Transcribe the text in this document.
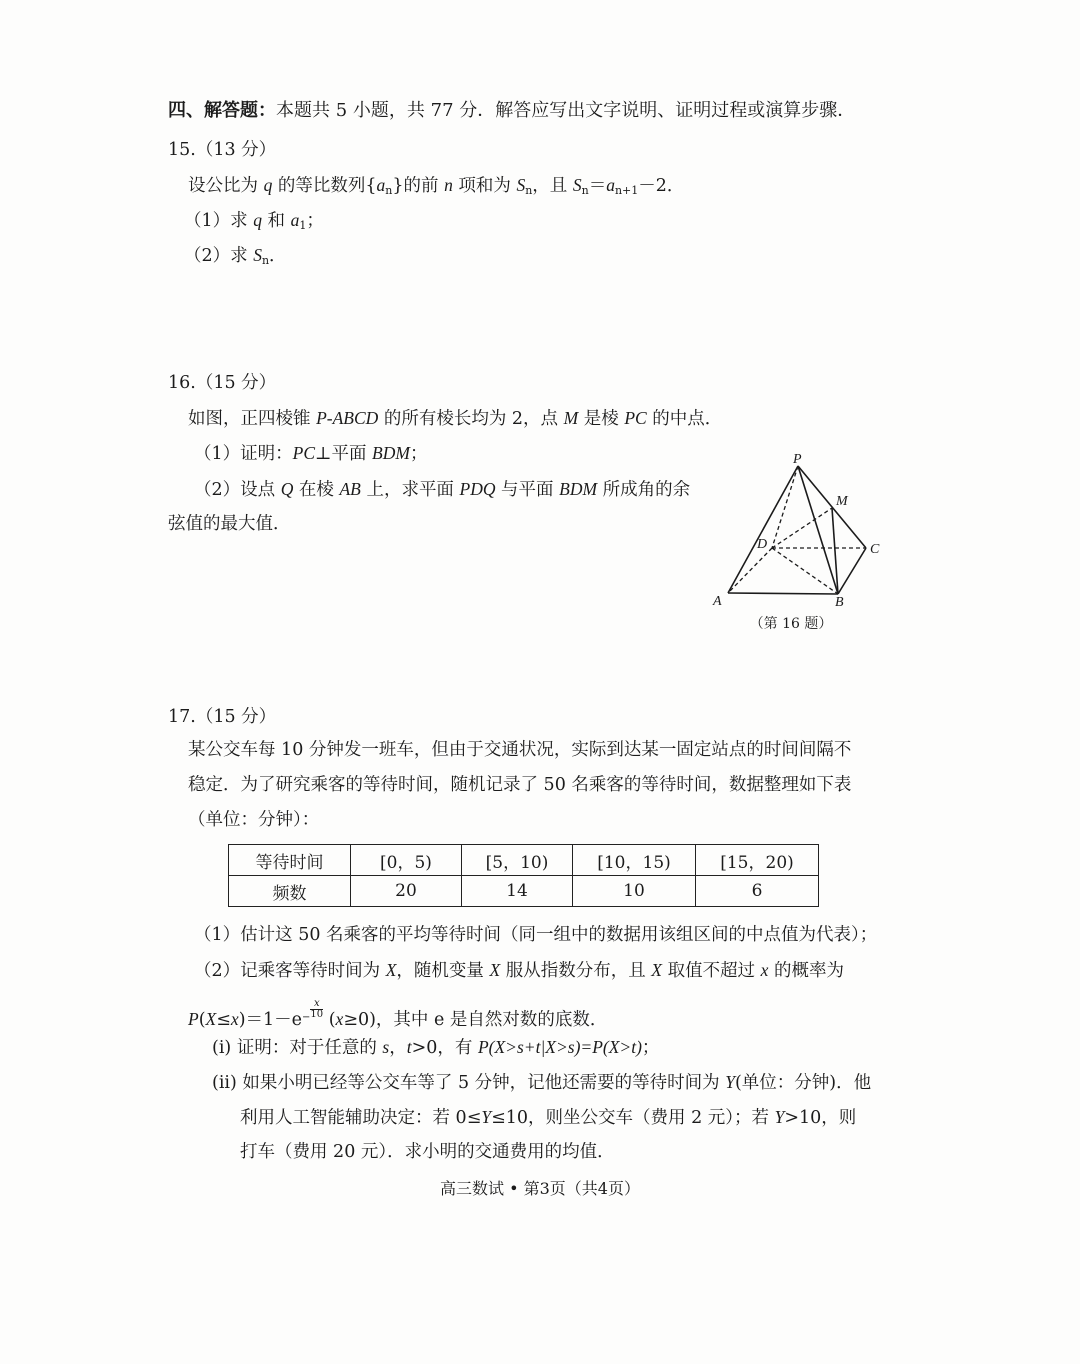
四、解答题：本题共 5 小题，共 77 分．解答应写出文字说明、证明过程或演算步骤．
15.（13 分）
设公比为 q 的等比数列$\{a_n\}$的前 n 项和为 $S_n$，且 $S_n=a_{n+1}-2$．
（1）求 q 和 $a_1$；
（2）求 $S_n$．
16.（15 分）
如图，正四棱锥 P-ABCD 的所有棱长均为 2，点 M 是棱 PC 的中点．
（1）证明：PC⊥平面 BDM；
（2）设点 Q 在棱 AB 上，求平面 PDQ 与平面 BDM 所成角的余
弦值的最大值．
P
M
D	C
A	B
（第 16 题）
17.（15 分）
某公交车每 10 分钟发一班车，但由于交通状况，实际到达某一固定站点的时间间隔不
稳定．为了研究乘客的等待时间，随机记录了 50 名乘客的等待时间，数据整理如下表
（单位：分钟）：
等待时间	[0，5)	[5，10)	[10，15)	[15，20)
频数	20	14	10	6
（1）估计这 50 名乘客的平均等待时间（同一组中的数据用该组区间的中点值为代表）；
（2）记乘客等待时间为 X，随机变量 X 服从指数分布，且 X 取值不超过 x 的概率为
$P(X\le x)=1-e- \frac{x}{10} (x\ge 0)$，其中 e 是自然对数的底数．
(i) 证明：对于任意的 s，t>0，有 P(X>s+t|X>s)=P(X>t)；
(ii) 如果小明已经等公交车等了 5 分钟，记他还需要的等待时间为 Y(单位：分钟)．他
利用人工智能辅助决定：若 0≤Y≤10，则坐公交车（费用 2 元）；若 Y>10，则
打车（费用 20 元）．求小明的交通费用的均值．
高三数试 • 第3页（共4页）
